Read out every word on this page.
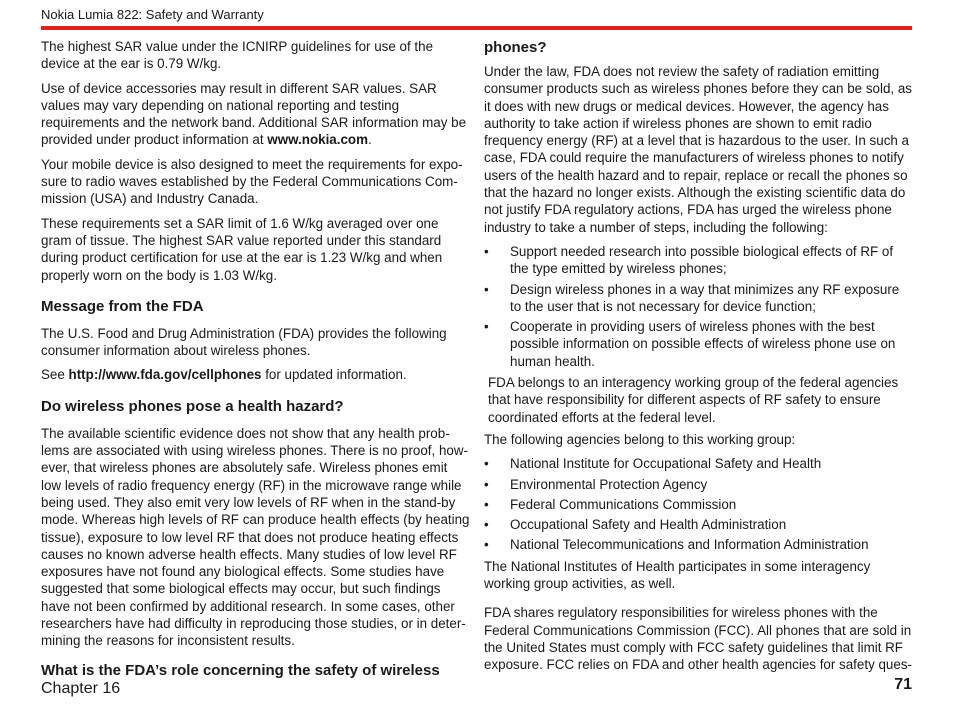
Nokia Lumia 822: Safety and Warranty

The highest SAR value under the ICNIRP guidelines for use of the device at the ear is 0.79 W/kg.

Use of device accessories may result in different SAR values. SAR values may vary depending on national reporting and testing requirements and the network band. Additional SAR information may be provided under product information at www.nokia.com.

Your mobile device is also designed to meet the requirements for expo-sure to radio waves established by the Federal Communications Com-mission (USA) and Industry Canada.

These requirements set a SAR limit of 1.6 W/kg averaged over one gram of tissue. The highest SAR value reported under this standard during product certification for use at the ear is 1.23 W/kg and when properly worn on the body is 1.03 W/kg.

Message from the FDA

The U.S. Food and Drug Administration (FDA) provides the following consumer information about wireless phones.

See http://www.fda.gov/cellphones for updated information.

Do wireless phones pose a health hazard?

The available scientific evidence does not show that any health prob-lems are associated with using wireless phones. There is no proof, how-ever, that wireless phones are absolutely safe. Wireless phones emit low levels of radio frequency energy (RF) in the microwave range while being used. They also emit very low levels of RF when in the stand-by mode. Whereas high levels of RF can produce health effects (by heating tissue), exposure to low level RF that does not produce heating effects causes no known adverse health effects. Many studies of low level RF exposures have not found any biological effects. Some studies have suggested that some biological effects may occur, but such findings have not been confirmed by additional research. In some cases, other researchers have had difficulty in reproducing those studies, or in deter-mining the reasons for inconsistent results.

What is the FDA’s role concerning the safety of wireless
phones?

Under the law, FDA does not review the safety of radiation emitting consumer products such as wireless phones before they can be sold, as it does with new drugs or medical devices. However, the agency has authority to take action if wireless phones are shown to emit radio frequency energy (RF) at a level that is hazardous to the user. In such a case, FDA could require the manufacturers of wireless phones to notify users of the health hazard and to repair, replace or recall the phones so that the hazard no longer exists. Although the existing scientific data do not justify FDA regulatory actions, FDA has urged the wireless phone industry to take a number of steps, including the following:

• Support needed research into possible biological effects of RF of the type emitted by wireless phones;
• Design wireless phones in a way that minimizes any RF exposure to the user that is not necessary for device function;
• Cooperate in providing users of wireless phones with the best possible information on possible effects of wireless phone use on human health.

FDA belongs to an interagency working group of the federal agencies that have responsibility for different aspects of RF safety to ensure coordinated efforts at the federal level.

The following agencies belong to this working group:

• National Institute for Occupational Safety and Health
• Environmental Protection Agency
• Federal Communications Commission
• Occupational Safety and Health Administration
• National Telecommunications and Information Administration

The National Institutes of Health participates in some interagency working group activities, as well.

FDA shares regulatory responsibilities for wireless phones with the Federal Communications Commission (FCC). All phones that are sold in the United States must comply with FCC safety guidelines that limit RF exposure. FCC relies on FDA and other health agencies for safety ques-

Chapter 16	71
